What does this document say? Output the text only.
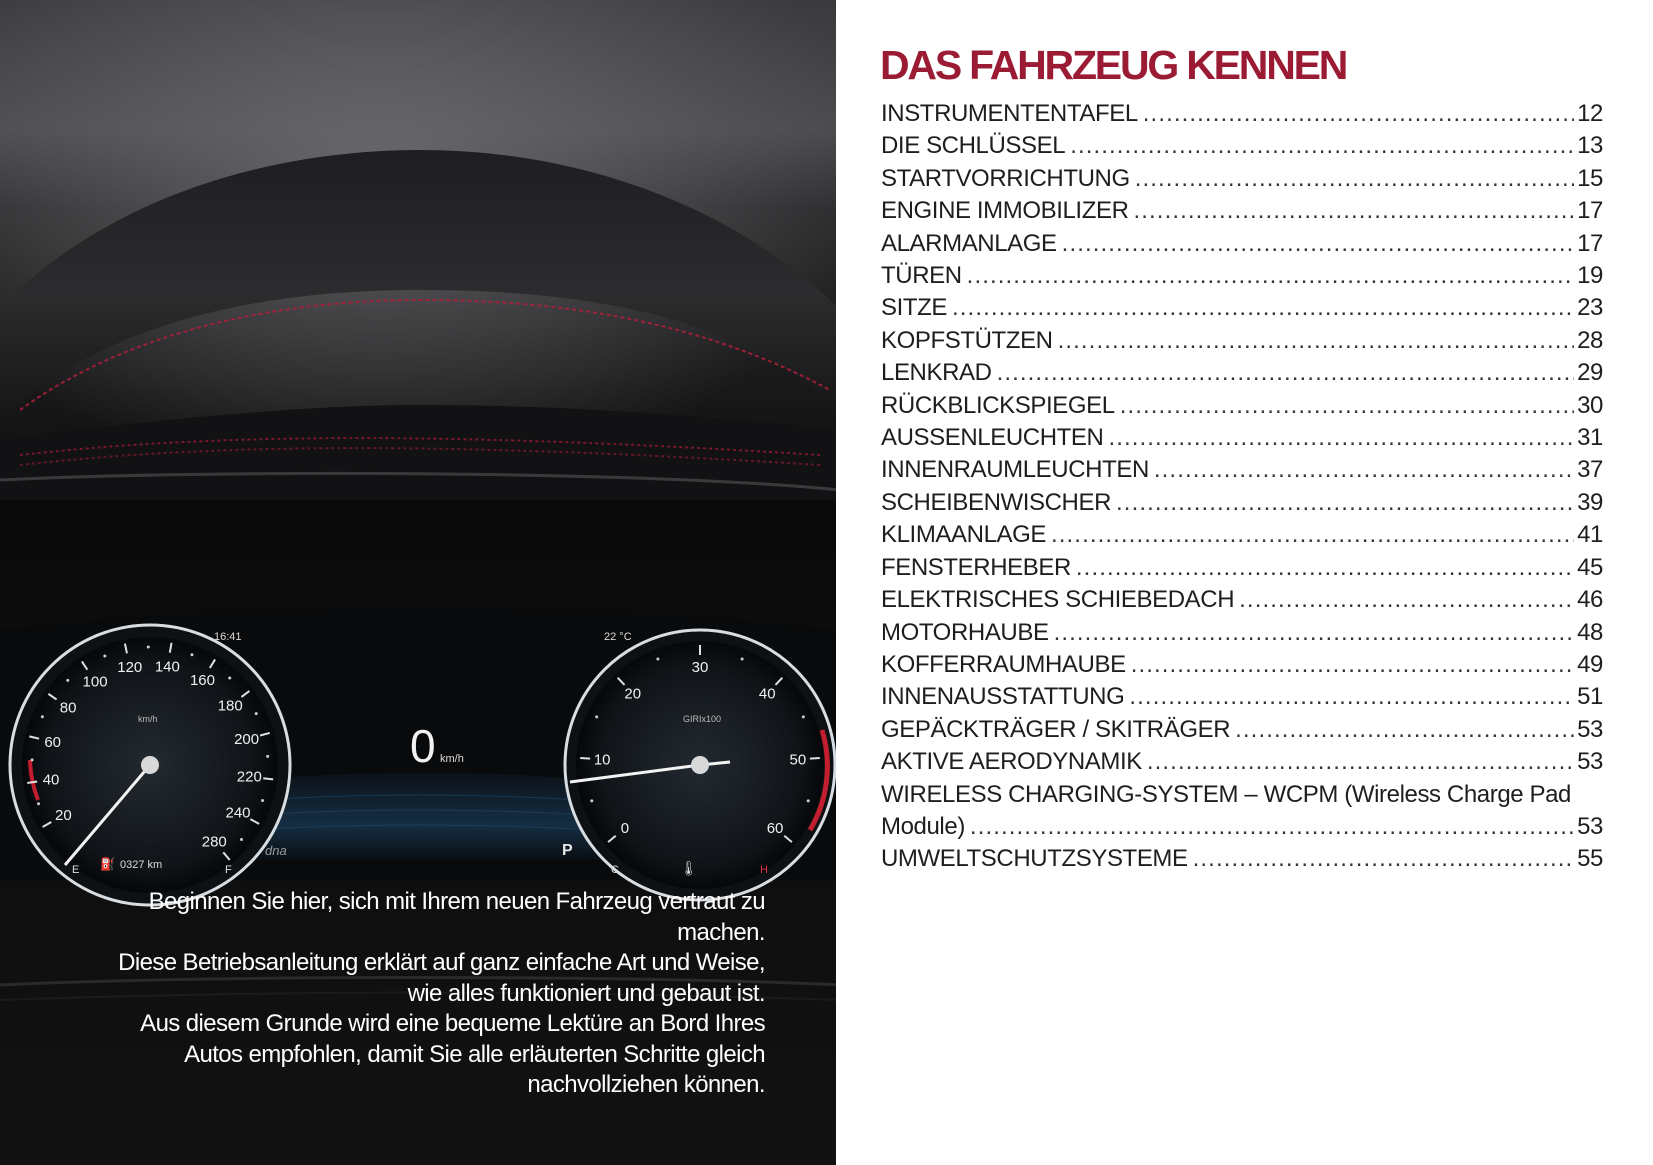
20
40
60
80
100
120 140
160
180
200
220
240
280
0
10
20
30
40
50
60
16:41	22 °C
0 km/h
km/h	GIRIx100
0327 km
⛽
E	F	C	H
🌡
P
dna

Beginnen Sie hier, sich mit Ihrem neuen Fahrzeug vertraut zu machen.

Diese Betriebsanleitung erklärt auf ganz einfache Art und Weise, wie alles funktioniert und gebaut ist.

Aus diesem Grunde wird eine bequeme Lektüre an Bord Ihres Autos empfohlen, damit Sie alle erläuterten Schritte gleich nachvollziehen können.

DAS FAHRZEUG KENNEN
INSTRUMENTENTAFEL .....	12
DIE SCHLÜSSEL .....	13
STARTVORRICHTUNG .....	15
ENGINE IMMOBILIZER .....	17
ALARMANLAGE .....	17
TÜREN .....	19
SITZE .....	23
KOPFSTÜTZEN .....	28
LENKRAD .....	29
RÜCKBLICKSPIEGEL .....	30
AUSSENLEUCHTEN .....	31
INNENRAUMLEUCHTEN .....	37
SCHEIBENWISCHER .....	39
KLIMAANLAGE .....	41
FENSTERHEBER .....	45
ELEKTRISCHES SCHIEBEDACH .....	46
MOTORHAUBE .....	48
KOFFERRAUMHAUBE .....	49
INNENAUSSTATTUNG .....	51
GEPÄCKTRÄGER / SKITRÄGER .....	53
AKTIVE AERODYNAMIK .....	53
WIRELESS CHARGING-SYSTEM – WCPM (Wireless Charge Pad
Module) .....	53
UMWELTSCHUTZSYSTEME .....	55
